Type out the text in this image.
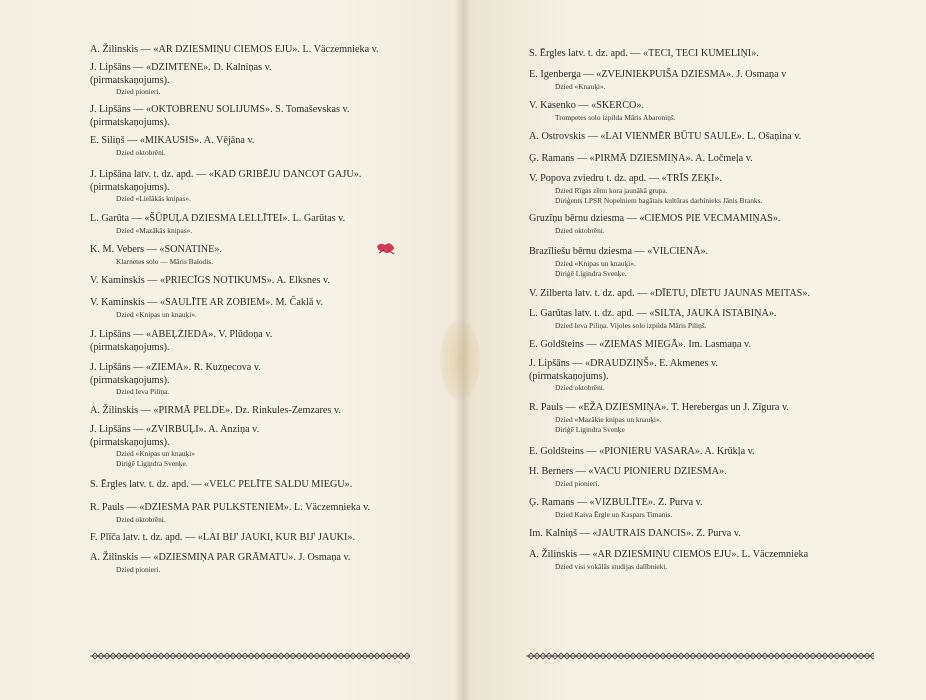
A. Žilinskis — «AR DZIESMIŅU CIEMOS EJU». L. Väczemnieka v.
J. Lipšāns — «DZIMTENE». D. Kalniņas v.
(pirmatskaņojums).
Dzied pionieri.
J. Lipšāns — «OKTOBRENU SOLIJUMS». S. Tomaševskas v.
(pirmatskaņojums).
E. Siliņš — «MIKAUSIS». A. Vējāna v.
Dzied oktobrēni.
J. Lipšāna latv. t. dz. apd. — «KAD GRIBĒJU DANCOT GAJU».
(pirmatskaņojums).
Dzied «Lielākās knipas».
L. Garūta — «ŠŪPUĻA DZIESMA LELLĪTEI». L. Garūtas v.
Dzied «Mazākās knipas».
K. M. Vebers — «SONATINE».
Klarnetes solo — Māris Balodis.
V. Kaminskis — «PRIECĪGS NOTIKUMS». A. Elksnes v.
V. Kaminskis — «SAULĪTE AR ZOBIEM». M. Čaklā v.
Dzied «Knipas un knauķi».
J. Lipšāns — «ABEĻZIEDA». V. Plūdoņa v.
(pirmatskaņojums).
J. Lipšāns — «ZIEMA». R. Kuzņecova v.
(pirmatskaņojums).
Dzied Ieva Piliņa.
A. Žilinskis — «PIRMĀ PELDE». Dz. Rinkules-Zemzares v.
J. Lipšāns — «ZVIRBUĻI». A. Anziņa v.
(pirmatskaņojums).
Dzied «Knipas un knauķi»
Diriģē Ligindra Svenķe.
S. Ērgles latv. t. dz. apd. — «VELC PELĪTE SALDU MIEGU».
R. Pauls — «DZIESMA PAR PULKSTENIEM». L. Väczemnieka v.
Dzied oktobrēni.
F. Plīča latv. t. dz. apd. — «LAI BIJ' JAUKI, KUR BIJ' JAUKI».
A. Žilinskis — «DZIESMIŅA PAR GRĀMATU». J. Osmaņa v.
Dzied pionieri.
S. Ērgles latv. t. dz. apd. — «TECI, TECI KUMELIŅI».
E. Igenberga — «ZVEJNIEKPUIŠA DZIESMA». J. Osmaņa v
Dzied «Knauķi».
V. Kasenko — «SKERCO».
Trompetes solo izpilda Māris Abaroniņš.
A. Ostrovskis — «LAI VIENMĒR BŪTU SAULE». L. Ošaņina v.
Ģ. Ramans — «PIRMĀ DZIESMIŅA». A. Ločmeļa v.
V. Popova zviedru t. dz. apd. — «TRĪS ZEĶI».
Dzied Rīgas zēnu kora jaunākā grupa.
Diriģents LPSR Nopelniem bagātais kultūras darbinieks Jānis Branks.
Gruzīņu bērnu dziesma — «CIEMOS PIE VECMAMIŅAS».
Dzied oktobrēni.
Brazīliešu bērnu dziesma — «VILCIENĀ».
Dzied «Knipas un knauķi».
Diriģē Ligindra Svenķe.
V. Zilberta latv. t. dz. apd. — «DĪETU, DĪETU JAUNAS MEITAS».
L. Garūtas latv. t. dz. apd. — «SILTA, JAUKA ISTABIŅA».
Dzied Ieva Piliņa. Vijoles solo izpilda Māris Piliņš.
E. Goldšteins — «ZIEMAS MIEGĀ». Im. Lasmaņa v.
J. Lipšāns — «DRAUDZIŅŠ». E. Akmenes v.
(pirmatskaņojums).
Dzied oktobrēni.
R. Pauls — «EŽA DZIESMIŅA». T. Herebergas un J. Zīgura v.
Dzied «Mazākie knipas un knauķi».
Diriģē Ligindra Svenķe
E. Goldšteins — «PIONIERU VASARA». A. Krūkļa v.
H. Berners — «VACU PIONIERU DZIESMA».
Dzied pionieri.
Ģ. Ramans — «VIZBULĪTE». Z. Purva v.
Dzied Kaiva Ērgle un Kaspars Timanis.
Im. Kalniņš — «JAUTRAIS DANCIS». Z. Purva v.
A. Žilinskis — «AR DZIESMIŅU CIEMOS EJU». L. Väczemnieka
Dzied visi vokālās studijas dalībnieki.
